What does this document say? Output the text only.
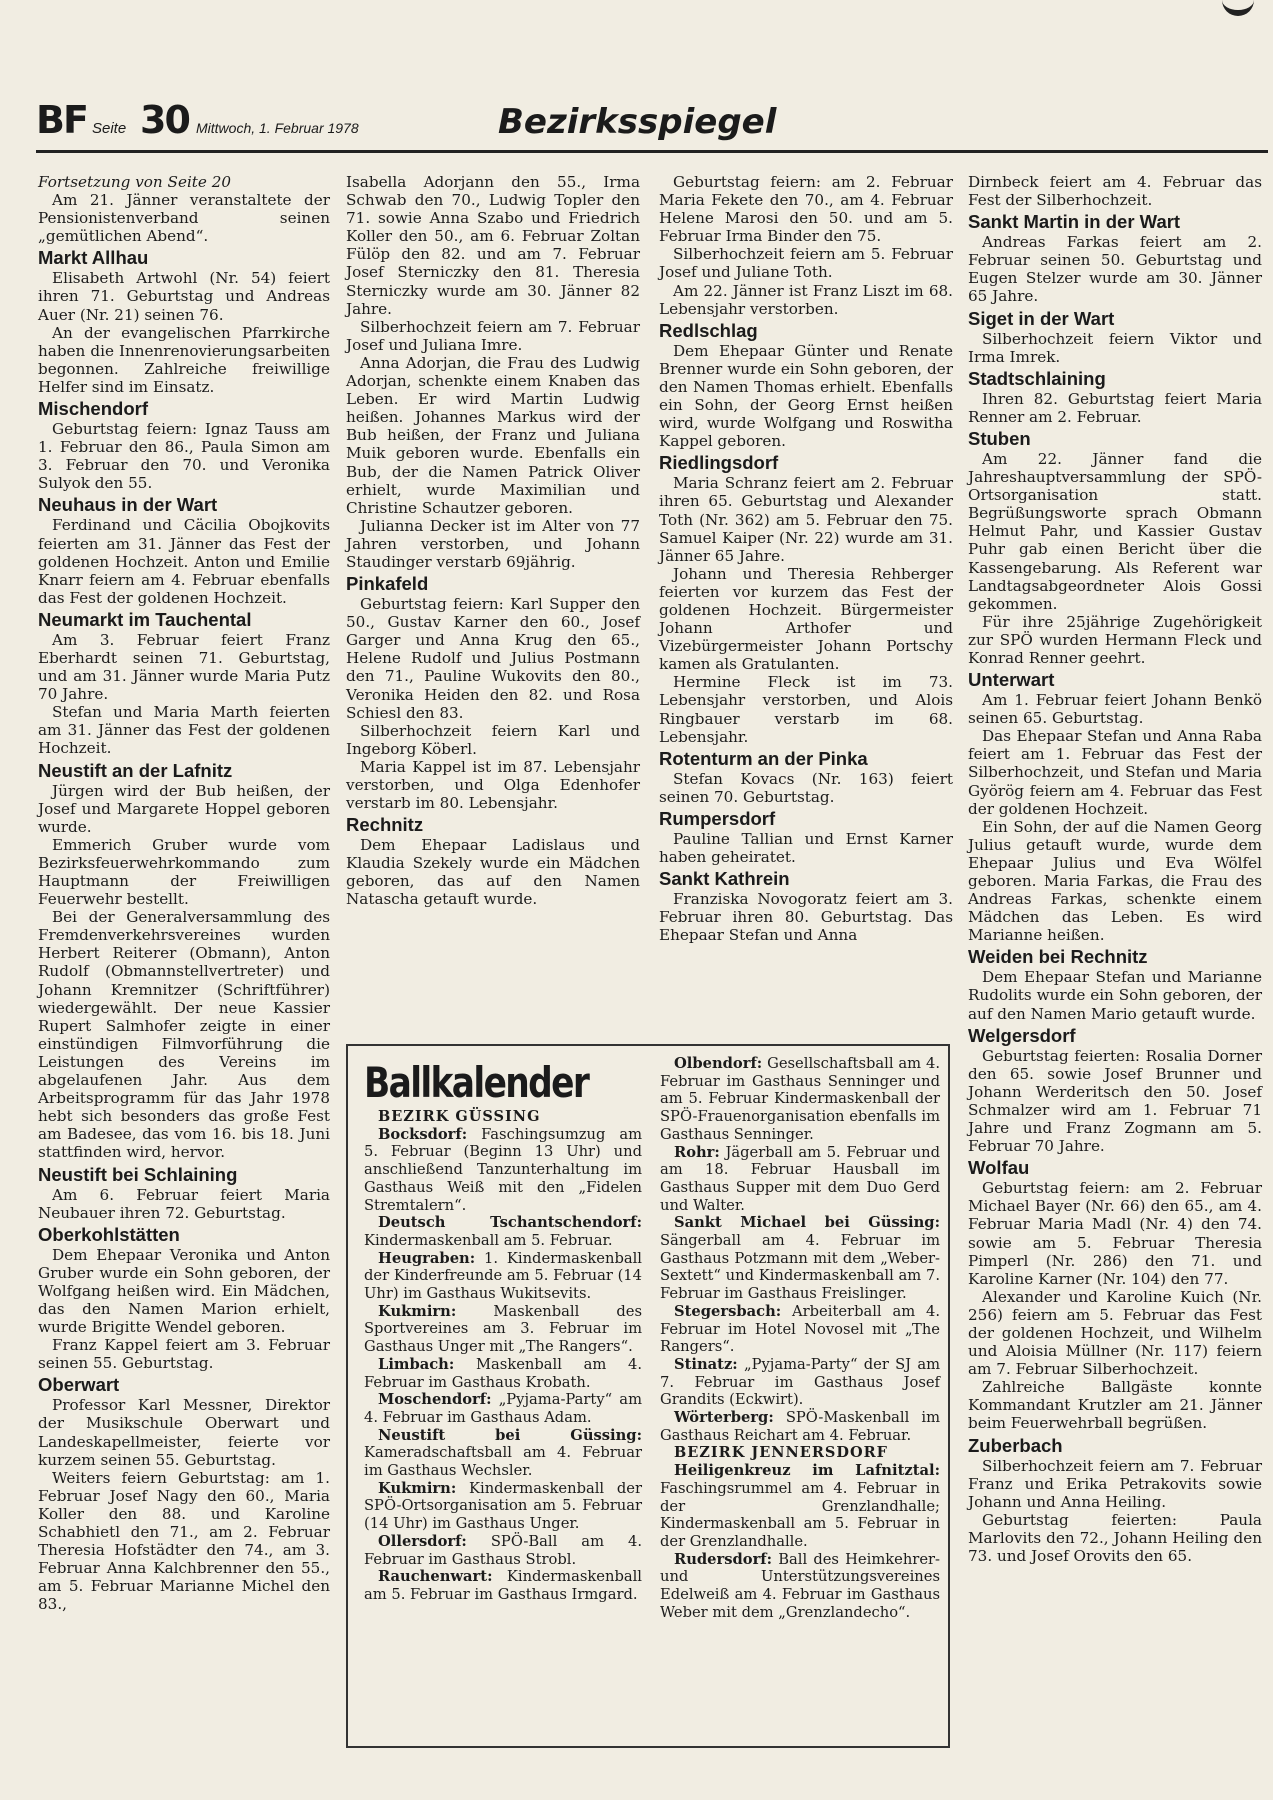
BF Seite 30 Mittwoch, 1. Februar 1978	Bezirksspiegel

Fortsetzung von Seite 20

Am 21. Jänner veranstaltete der Pensionistenverband seinen „gemütlichen Abend“.

Markt Allhau

Elisabeth Artwohl (Nr. 54) feiert ihren 71. Geburtstag und Andreas Auer (Nr. 21) seinen 76.

An der evangelischen Pfarrkirche haben die Innenrenovierungsarbeiten begonnen. Zahlreiche freiwillige Helfer sind im Einsatz.

Mischendorf

Geburtstag feiern: Ignaz Tauss am 1. Februar den 86., Paula Simon am 3. Februar den 70. und Veronika Sulyok den 55.

Neuhaus in der Wart

Ferdinand und Cäcilia Obojkovits feierten am 31. Jänner das Fest der goldenen Hochzeit. Anton und Emilie Knarr feiern am 4. Februar ebenfalls das Fest der goldenen Hochzeit.

Neumarkt im Tauchental

Am 3. Februar feiert Franz Eberhardt seinen 71. Geburtstag, und am 31. Jänner wurde Maria Putz 70 Jahre.

Stefan und Maria Marth feierten am 31. Jänner das Fest der goldenen Hochzeit.

Neustift an der Lafnitz

Jürgen wird der Bub heißen, der Josef und Margarete Hoppel geboren wurde.

Emmerich Gruber wurde vom Bezirksfeuerwehrkommando zum Hauptmann der Freiwilligen Feuerwehr bestellt.

Bei der Generalversammlung des Fremdenverkehrsvereines wurden Herbert Reiterer (Obmann), Anton Rudolf (Obmannstellvertreter) und Johann Kremnitzer (Schriftführer) wiedergewählt. Der neue Kassier Rupert Salmhofer zeigte in einer einstündigen Filmvorführung die Leistungen des Vereins im abgelaufenen Jahr. Aus dem Arbeitsprogramm für das Jahr 1978 hebt sich besonders das große Fest am Badesee, das vom 16. bis 18. Juni stattfinden wird, hervor.

Neustift bei Schlaining

Am 6. Februar feiert Maria Neubauer ihren 72. Geburtstag.

Oberkohlstätten

Dem Ehepaar Veronika und Anton Gruber wurde ein Sohn geboren, der Wolfgang heißen wird. Ein Mädchen, das den Namen Marion erhielt, wurde Brigitte Wendel geboren.

Franz Kappel feiert am 3. Februar seinen 55. Geburtstag.

Oberwart

Professor Karl Messner, Direktor der Musikschule Oberwart und Landeskapellmeister, feierte vor kurzem seinen 55. Geburtstag.

Weiters feiern Geburtstag: am 1. Februar Josef Nagy den 60., Maria Koller den 88. und Karoline Schabhietl den 71., am 2. Februar Theresia Hofstädter den 74., am 3. Februar Anna Kalchbrenner den 55., am 5. Februar Marianne Michel den 83.,

Isabella Adorjann den 55., Irma Schwab den 70., Ludwig Topler den 71. sowie Anna Szabo und Friedrich Koller den 50., am 6. Februar Zoltan Fülöp den 82. und am 7. Februar Josef Sterniczky den 81. Theresia Sterniczky wurde am 30. Jänner 82 Jahre.

Silberhochzeit feiern am 7. Februar Josef und Juliana Imre.

Anna Adorjan, die Frau des Ludwig Adorjan, schenkte einem Knaben das Leben. Er wird Martin Ludwig heißen. Johannes Markus wird der Bub heißen, der Franz und Juliana Muik geboren wurde. Ebenfalls ein Bub, der die Namen Patrick Oliver erhielt, wurde Maximilian und Christine Schautzer geboren.

Julianna Decker ist im Alter von 77 Jahren verstorben, und Johann Staudinger verstarb 69jährig.

Pinkafeld

Geburtstag feiern: Karl Supper den 50., Gustav Karner den 60., Josef Garger und Anna Krug den 65., Helene Rudolf und Julius Postmann den 71., Pauline Wukovits den 80., Veronika Heiden den 82. und Rosa Schiesl den 83.

Silberhochzeit feiern Karl und Ingeborg Köberl.

Maria Kappel ist im 87. Lebensjahr verstorben, und Olga Edenhofer verstarb im 80. Lebensjahr.

Rechnitz

Dem Ehepaar Ladislaus und Klaudia Szekely wurde ein Mädchen geboren, das auf den Namen Natascha getauft wurde.

Geburtstag feiern: am 2. Februar Maria Fekete den 70., am 4. Februar Helene Marosi den 50. und am 5. Februar Irma Binder den 75.

Silberhochzeit feiern am 5. Februar Josef und Juliane Toth.

Am 22. Jänner ist Franz Liszt im 68. Lebensjahr verstorben.

Redlschlag

Dem Ehepaar Günter und Renate Brenner wurde ein Sohn geboren, der den Namen Thomas erhielt. Ebenfalls ein Sohn, der Georg Ernst heißen wird, wurde Wolfgang und Roswitha Kappel geboren.

Riedlingsdorf

Maria Schranz feiert am 2. Februar ihren 65. Geburtstag und Alexander Toth (Nr. 362) am 5. Februar den 75. Samuel Kaiper (Nr. 22) wurde am 31. Jänner 65 Jahre.

Johann und Theresia Rehberger feierten vor kurzem das Fest der goldenen Hochzeit. Bürgermeister Johann Arthofer und Vizebürgermeister Johann Portschy kamen als Gratulanten.

Hermine Fleck ist im 73. Lebensjahr verstorben, und Alois Ringbauer verstarb im 68. Lebensjahr.

Rotenturm an der Pinka

Stefan Kovacs (Nr. 163) feiert seinen 70. Geburtstag.

Rumpersdorf

Pauline Tallian und Ernst Karner haben geheiratet.

Sankt Kathrein

Franziska Novogoratz feiert am 3. Februar ihren 80. Geburtstag. Das Ehepaar Stefan und Anna

Dirnbeck feiert am 4. Februar das Fest der Silberhochzeit.

Sankt Martin in der Wart

Andreas Farkas feiert am 2. Februar seinen 50. Geburtstag und Eugen Stelzer wurde am 30. Jänner 65 Jahre.

Siget in der Wart

Silberhochzeit feiern Viktor und Irma Imrek.

Stadtschlaining

Ihren 82. Geburtstag feiert Maria Renner am 2. Februar.

Stuben

Am 22. Jänner fand die Jahreshauptversammlung der SPÖ-Ortsorganisation statt. Begrüßungsworte sprach Obmann Helmut Pahr, und Kassier Gustav Puhr gab einen Bericht über die Kassengebarung. Als Referent war Landtagsabgeordneter Alois Gossi gekommen.

Für ihre 25jährige Zugehörigkeit zur SPÖ wurden Hermann Fleck und Konrad Renner geehrt.

Unterwart

Am 1. Februar feiert Johann Benkö seinen 65. Geburtstag.

Das Ehepaar Stefan und Anna Raba feiert am 1. Februar das Fest der Silberhochzeit, und Stefan und Maria Györög feiern am 4. Februar das Fest der goldenen Hochzeit.

Ein Sohn, der auf die Namen Georg Julius getauft wurde, wurde dem Ehepaar Julius und Eva Wölfel geboren. Maria Farkas, die Frau des Andreas Farkas, schenkte einem Mädchen das Leben. Es wird Marianne heißen.

Weiden bei Rechnitz

Dem Ehepaar Stefan und Marianne Rudolits wurde ein Sohn geboren, der auf den Namen Mario getauft wurde.

Welgersdorf

Geburtstag feierten: Rosalia Dorner den 65. sowie Josef Brunner und Johann Werderitsch den 50. Josef Schmalzer wird am 1. Februar 71 Jahre und Franz Zogmann am 5. Februar 70 Jahre.

Wolfau

Geburtstag feiern: am 2. Februar Michael Bayer (Nr. 66) den 65., am 4. Februar Maria Madl (Nr. 4) den 74. sowie am 5. Februar Theresia Pimperl (Nr. 286) den 71. und Karoline Karner (Nr. 104) den 77.

Alexander und Karoline Kuich (Nr. 256) feiern am 5. Februar das Fest der goldenen Hochzeit, und Wilhelm und Aloisia Müllner (Nr. 117) feiern am 7. Februar Silberhochzeit.

Zahlreiche Ballgäste konnte Kommandant Krutzler am 21. Jänner beim Feuerwehrball begrüßen.

Zuberbach

Silberhochzeit feiern am 7. Februar Franz und Erika Petrakovits sowie Johann und Anna Heiling.

Geburtstag feierten: Paula Marlovits den 72., Johann Heiling den 73. und Josef Orovits den 65.

Ballkalender

BEZIRK GÜSSING

Bocksdorf: Faschingsumzug am 5. Februar (Beginn 13 Uhr) und anschließend Tanzunterhaltung im Gasthaus Weiß mit den „Fidelen Stremtalern“.

Deutsch Tschantschendorf: Kindermaskenball am 5. Februar.

Heugraben: 1. Kindermaskenball der Kinderfreunde am 5. Februar (14 Uhr) im Gasthaus Wukitsevits.

Kukmirn:	Maskenball des Sportvereines am 3. Februar im Gasthaus Unger mit „The Rangers“.

Limbach: Maskenball am 4. Februar im Gasthaus Krobath.

Moschendorf: „Pyjama-Party“ am 4. Februar im Gasthaus Adam.

Neustift bei Güssing: Kameradschaftsball am 4. Februar im Gasthaus Wechsler.

Kukmirn: Kindermaskenball der SPÖ-Ortsorganisation am 5. Februar (14 Uhr) im Gasthaus Unger.

Ollersdorf: SPÖ-Ball am 4. Februar im Gasthaus Strobl.

Rauchenwart: Kindermaskenball am 5. Februar im Gasthaus Irmgard.

Olbendorf: Gesellschaftsball am 4. Februar im Gasthaus Senninger und am 5. Februar Kindermaskenball der SPÖ-Frauenorganisation ebenfalls im Gasthaus Senninger.

Rohr: Jägerball am 5. Februar und am 18. Februar Hausball im Gasthaus Supper mit dem Duo Gerd und Walter.

Sankt Michael bei Güssing: Sängerball am 4. Februar im Gasthaus Potzmann mit dem „Weber-Sextett“ und Kindermaskenball am 7. Februar im Gasthaus Freislinger.

Stegersbach: Arbeiterball am 4. Februar im Hotel Novosel mit „The Rangers“.

Stinatz: „Pyjama-Party“ der SJ am 7. Februar im Gasthaus Josef Grandits (Eckwirt).

Wörterberg: SPÖ-Maskenball im Gasthaus Reichart am 4. Februar.

BEZIRK JENNERSDORF

Heiligenkreuz im Lafnitztal: Faschingsrummel am 4. Februar in der Grenzlandhalle; Kindermaskenball am 5. Februar in der Grenzlandhalle.

Rudersdorf: Ball des Heimkehrer- und Unterstützungsvereines Edelweiß am 4. Februar im Gasthaus Weber mit dem „Grenzlandecho“.
